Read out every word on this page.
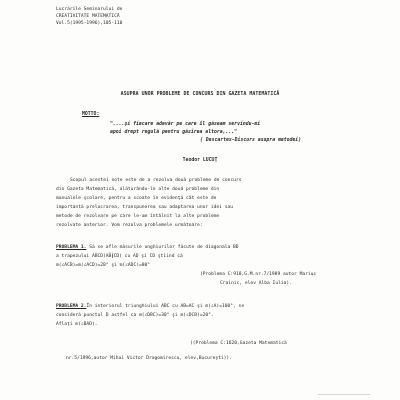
Lucrările Seminarului de
CREATIVITATE MATEMATICĂ
Vol.5(1995-1996),105-110
ASUPRA UNOR PROBLEME DE CONCURS DIN GAZETA MATEMATICĂ
MOTTO:
"....şi fiecare adevăr pe care îl găseam servindu-mi
apoi drept regulă pentru găsirea altora,..."
( Descartes-Discurs asupra metodei)
Teodor LUCUŢ
Scopul acestei note este de a rezolva două probleme de concurs
din Gazeta Matematică, alăturându-le alte două probleme din
manualele şcolare, pentru a scoate în evidenţă cât este de
importantă prelucrarea, transpunerea sau adaptarea unor idei sau
metode de rezolvare pe care le-am întâlnit la alte probleme
rezolvate anterior. Vom rezolva problemele următoare:
PROBLEMA 1. Să se afle măsurile unghiurilor făcute de diagonala BD
a trapezului ABCD(AB̅∥CD) cu AD şi CD ştiind că
m(∠ACB)=m(∠ACD)=20° şi m(∠ADC)=80°
(Problema C:918,G.M.nr.7/1989 autor Marius
Crainic, elev Alba Iulia).
PROBLEMA 2.În interiorul triunghiului ABC cu AB=AC şi m(∠A)=100°, se
consideră punctul D astfel ca m(∠DBC)=30° şi m(∠DCB)=20°.
Aflaţi m(∠BAD).
((Problema C:1620,Gazeta Matematică
nr.5/1996,autor Mihai Victor Dragomirescu, elev,Bucureşti)).
